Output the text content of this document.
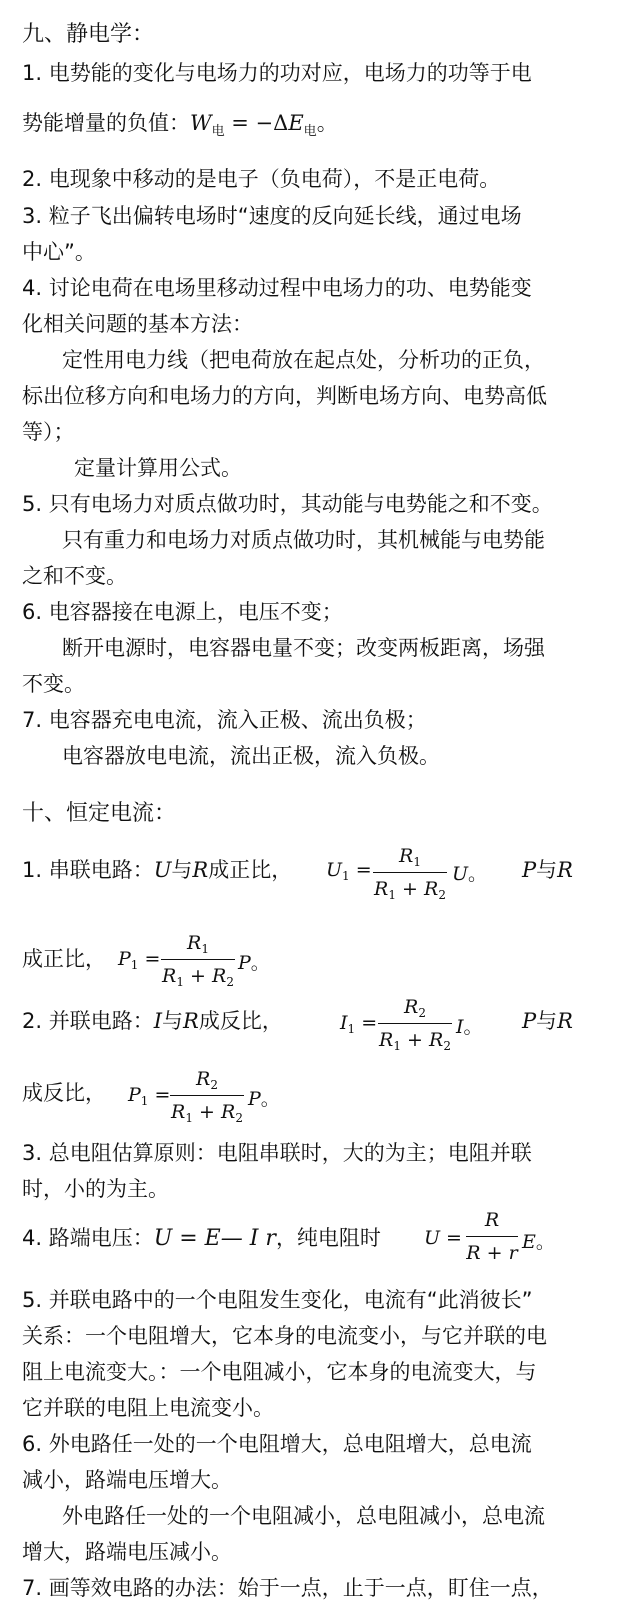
九、静电学：
1. 电势能的变化与电场力的功对应，电场力的功等于电
势能增量的负值：$W_电 = -\Delta E_电$。
2. 电现象中移动的是电子（负电荷），不是正电荷。
3. 粒子飞出偏转电场时“速度的反向延长线，通过电场
中心”。
4. 讨论电荷在电场里移动过程中电场力的功、电势能变
化相关问题的基本方法：
定性用电力线（把电荷放在起点处，分析功的正负，
标出位移方向和电场力的方向，判断电场方向、电势高低
等）；
定量计算用公式。
5. 只有电场力对质点做功时，其动能与电势能之和不变。
只有重力和电场力对质点做功时，其机械能与电势能
之和不变。
6. 电容器接在电源上，电压不变；
断开电源时，电容器电量不变；改变两板距离，场强
不变。
7. 电容器充电电流，流入正极、流出负极；
电容器放电电流，流出正极，流入负极。
十、恒定电流：
1. 串联电路：U与R成正比， $U_1$ =
$R_1$
$R_1 + R_2$
U。 P与R
成正比， $P_1$ =
$R_1$
$R_1 + R_2$
P。
2. 并联电路：I与R成反比，	$I_1$ =
$R_2$
$R_1 + R_2$
I。 P与R
成反比， $P_1$ =
$R_2$
$R_1 + R_2$
P。
3. 总电阻估算原则：电阻串联时，大的为主；电阻并联
时，小的为主。
4. 路端电压：U = E— I r，纯电阻时 U =
R
R + r E。
5. 并联电路中的一个电阻发生变化，电流有“此消彼长”
关系：一个电阻增大，它本身的电流变小，与它并联的电
阻上电流变大。：一个电阻减小，它本身的电流变大，与
它并联的电阻上电流变小。
6. 外电路任一处的一个电阻增大，总电阻增大，总电流
减小，路端电压增大。
外电路任一处的一个电阻减小，总电阻减小，总电流
增大，路端电压减小。
7. 画等效电路的办法：始于一点，止于一点，盯住一点，
